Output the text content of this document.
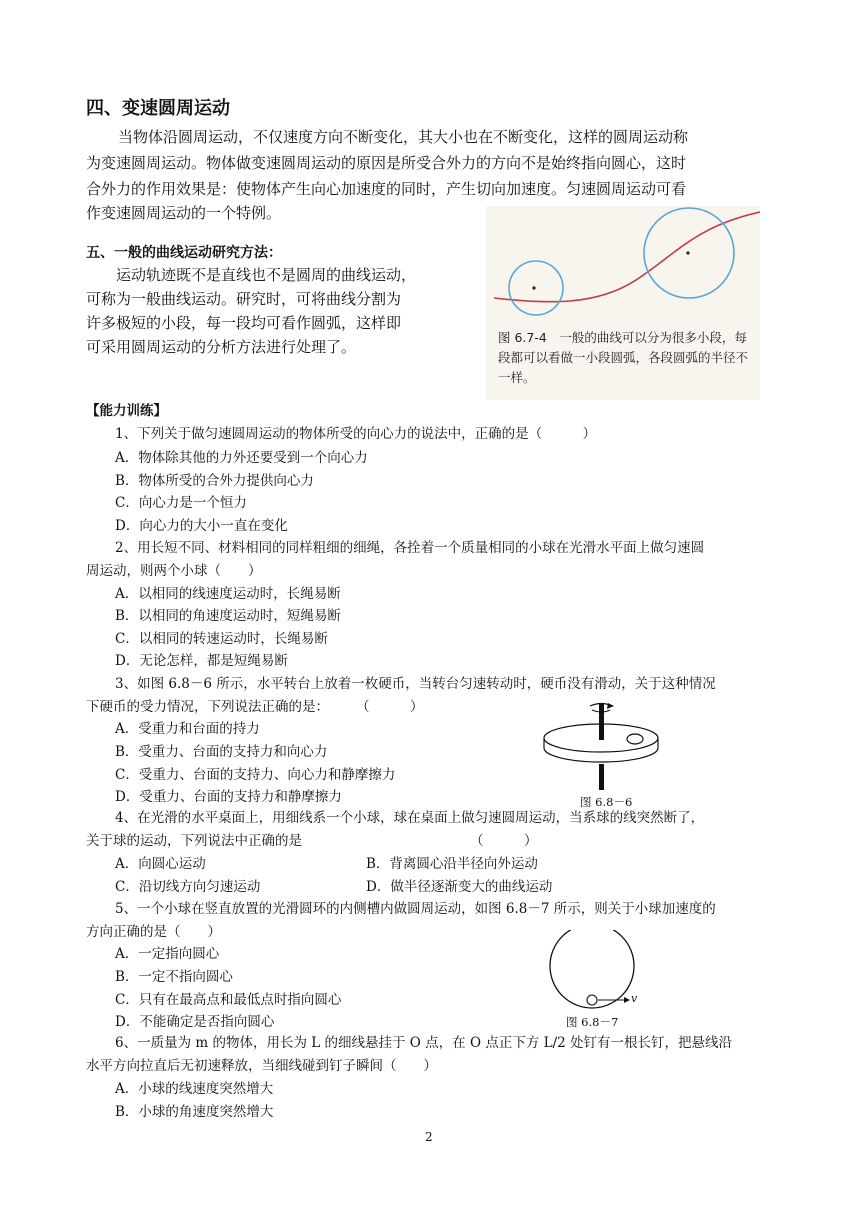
四、变速圆周运动
当物体沿圆周运动，不仅速度方向不断变化，其大小也在不断变化，这样的圆周运动称
为变速圆周运动。物体做变速圆周运动的原因是所受合外力的方向不是始终指向圆心，这时
合外力的作用效果是：使物体产生向心加速度的同时，产生切向加速度。匀速圆周运动可看
作变速圆周运动的一个特例。
五、一般的曲线运动研究方法：
运动轨迹既不是直线也不是圆周的曲线运动，
可称为一般曲线运动。研究时，可将曲线分割为
许多极短的小段，每一段均可看作圆弧，这样即
可采用圆周运动的分析方法进行处理了。
图 6.7-4　一般的曲线可以分为很多小段，每段都可以看做一小段圆弧，各段圆弧的半径不一样。
【能力训练】
1、下列关于做匀速圆周运动的物体所受的向心力的说法中，正确的是（　　　）
A．物体除其他的力外还要受到一个向心力
B．物体所受的合外力提供向心力
C．向心力是一个恒力
D．向心力的大小一直在变化
2、用长短不同、材料相同的同样粗细的细绳，各拴着一个质量相同的小球在光滑水平面上做匀速圆
周运动，则两个小球（　　）
A．以相同的线速度运动时，长绳易断
B．以相同的角速度运动时，短绳易断
C．以相同的转速运动时，长绳易断
D．无论怎样，都是短绳易断
3、如图 6.8－6 所示，水平转台上放着一枚硬币，当转台匀速转动时，硬币没有滑动，关于这种情况
下硬币的受力情况，下列说法正确的是：　　　（　　　）
A．受重力和台面的持力
B．受重力、台面的支持力和向心力
C．受重力、台面的支持力、向心力和静摩擦力
D．受重力、台面的支持力和静摩擦力	图 6.8－6
4、在光滑的水平桌面上，用细线系一个小球，球在桌面上做匀速圆周运动，当系球的线突然断了，
关于球的运动，下列说法中正确的是	（　　　）
A．向圆心运动	B．背离圆心沿半径向外运动
C．沿切线方向匀速运动	D．做半径逐渐变大的曲线运动
5、一个小球在竖直放置的光滑圆环的内侧槽内做圆周运动，如图 6.8－7 所示，则关于小球加速度的
方向正确的是（　　）
A．一定指向圆心
B．一定不指向圆心
C．只有在最高点和最低点时指向圆心
D．不能确定是否指向圆心
v
图 6.8－7
6、一质量为 m 的物体，用长为 L 的细线悬挂于 O 点，在 O 点正下方 L/2 处钉有一根长钉，把悬线沿
水平方向拉直后无初速释放，当细线碰到钉子瞬间（　　）
A．小球的线速度突然增大
B．小球的角速度突然增大
2
